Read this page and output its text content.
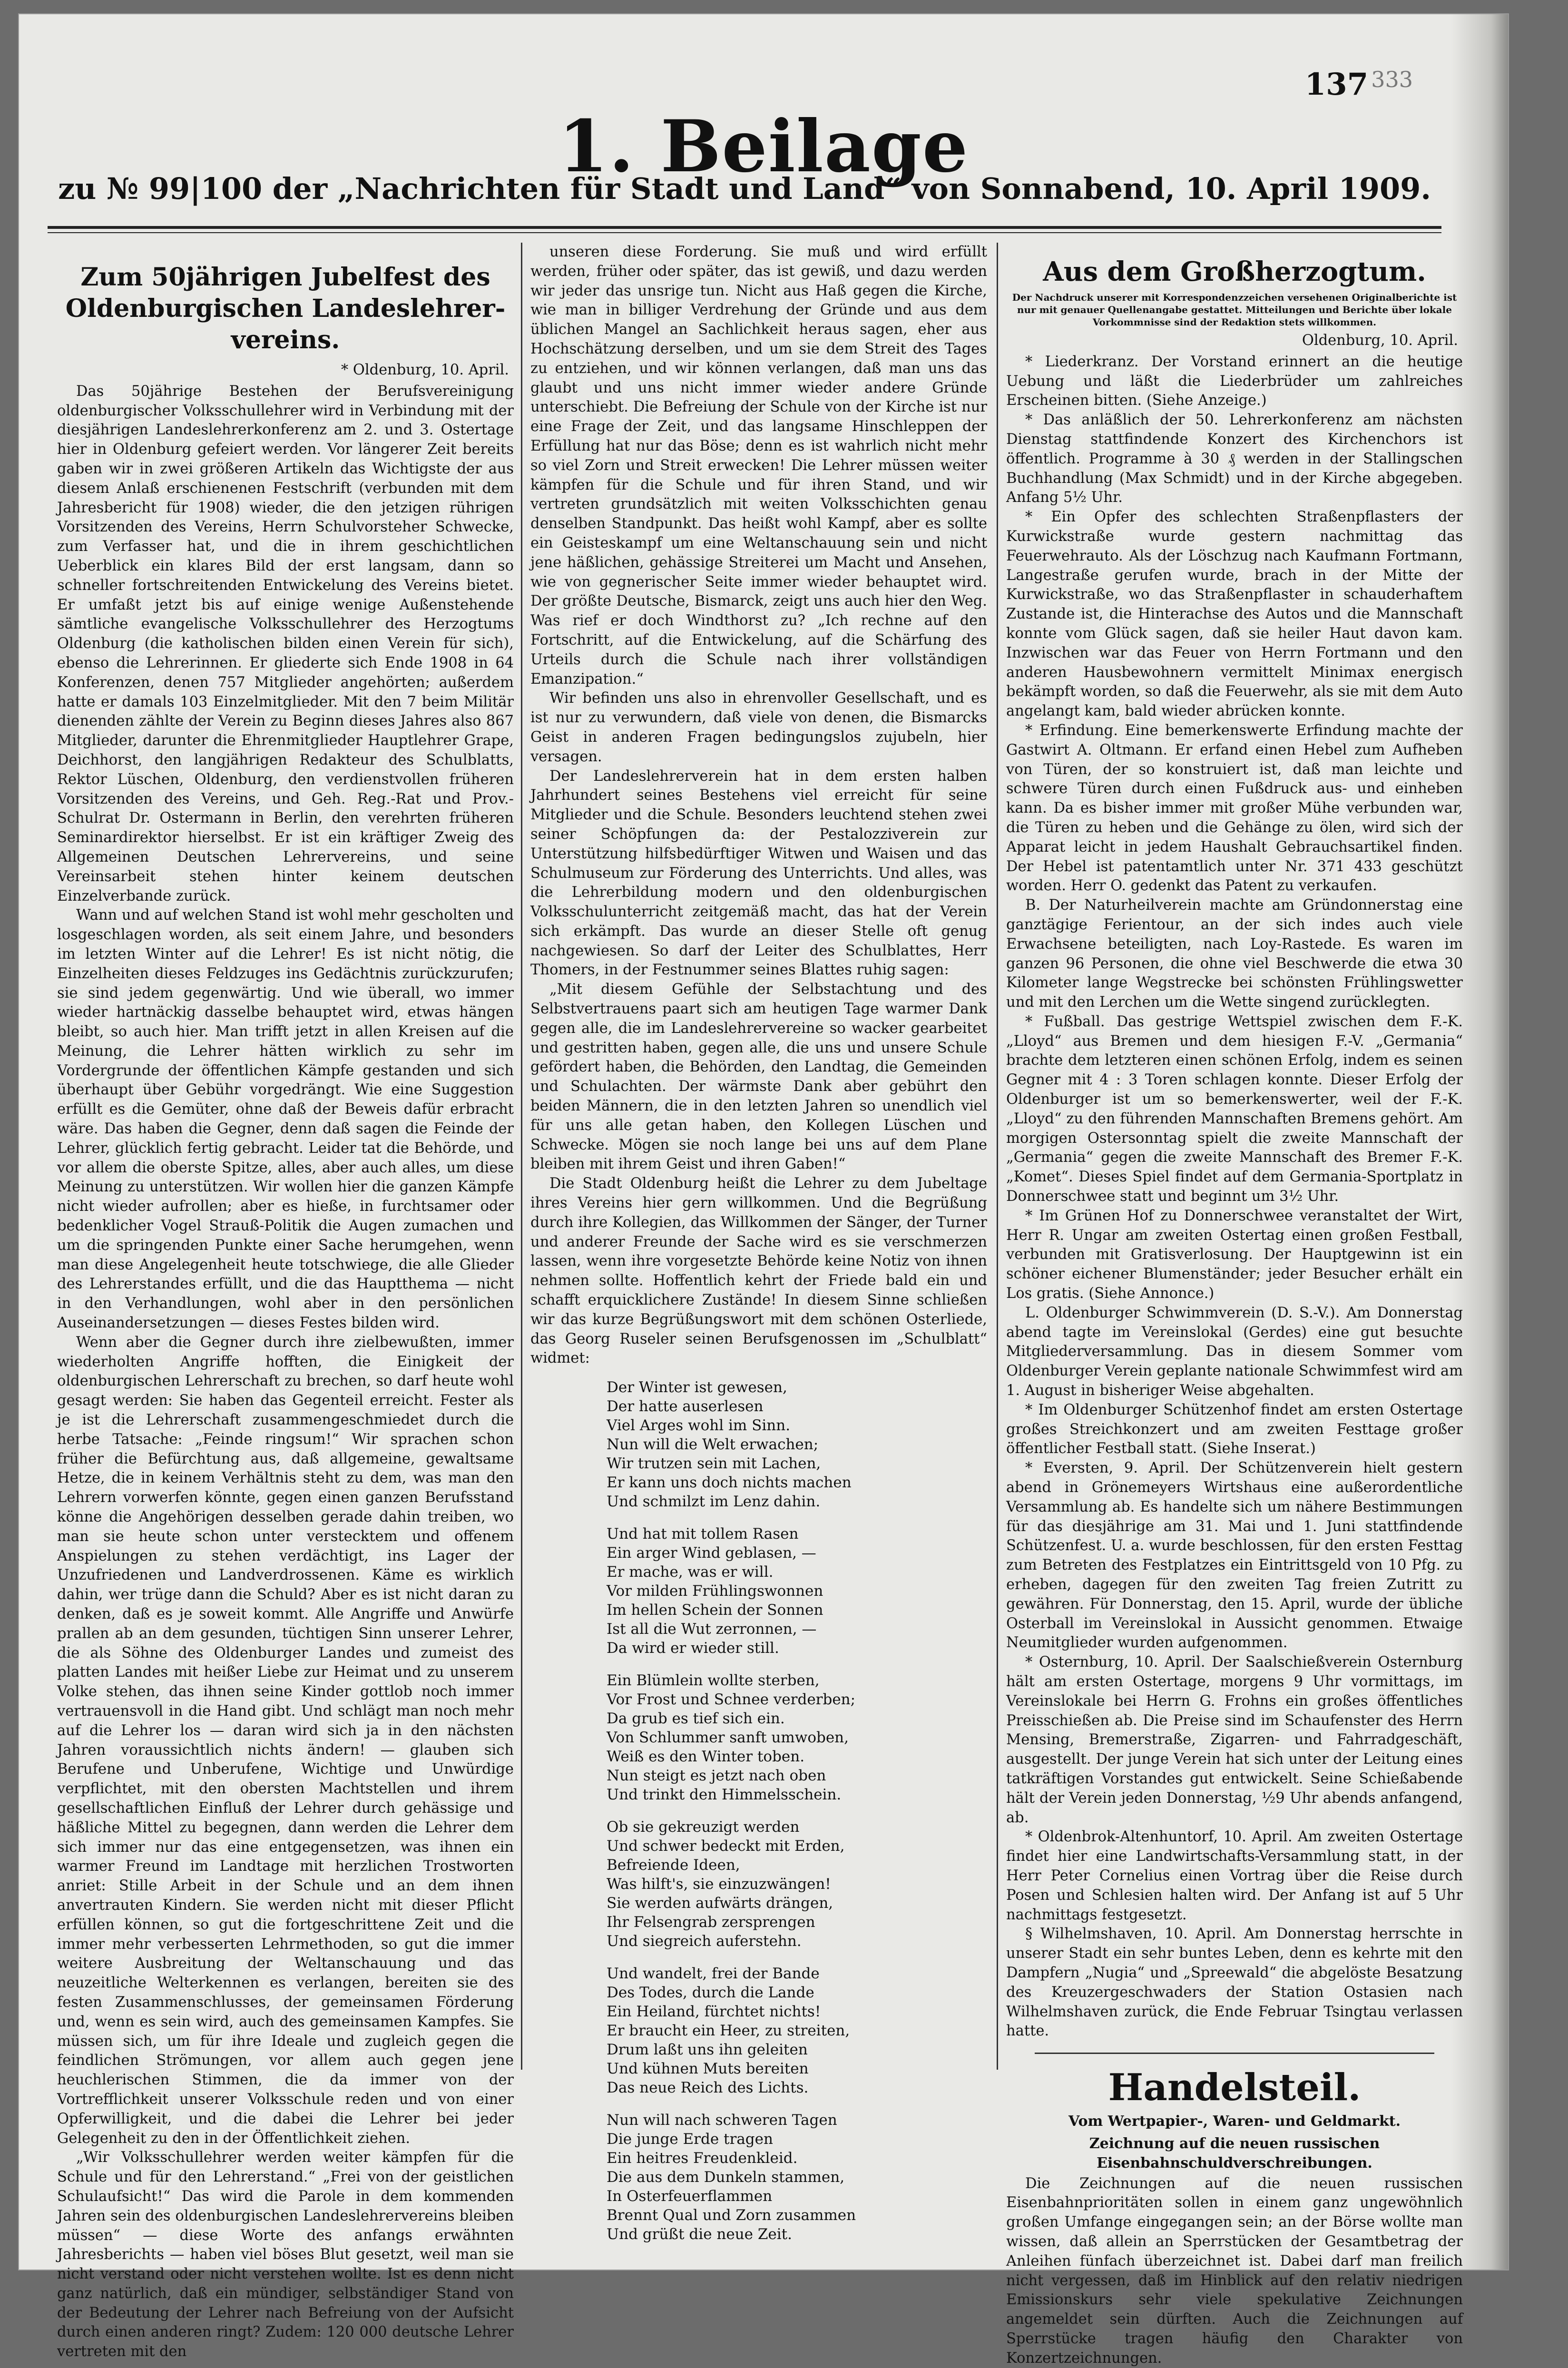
137 $^{333}$
1. Beilage
zu № 99|100 der „Nachrichten für Stadt und Land“ von Sonnabend, 10. April 1909.
Zum 50jährigen Jubelfest des Oldenburgischen Landeslehrer-vereins.
* Oldenburg, 10. April.

Das 50jährige Bestehen der Berufsvereinigung oldenburgischer Volksschullehrer wird in Verbindung mit der diesjährigen Landeslehrerkonferenz am 2. und 3. Ostertage hier in Oldenburg gefeiert werden. Vor längerer Zeit bereits gaben wir in zwei größeren Artikeln das Wichtigste der aus diesem Anlaß erschienenen Festschrift (verbunden mit dem Jahresbericht für 1908) wieder, die den jetzigen rührigen Vorsitzenden des Vereins, Herrn Schulvorsteher Schwecke, zum Verfasser hat, und die in ihrem geschichtlichen Ueberblick ein klares Bild der erst langsam, dann so schneller fortschreitenden Entwickelung des Vereins bietet. Er umfaßt jetzt bis auf einige wenige Außenstehende sämtliche evangelische Volksschullehrer des Herzogtums Oldenburg (die katholischen bilden einen Verein für sich), ebenso die Lehrerinnen. Er gliederte sich Ende 1908 in 64 Konferenzen, denen 757 Mitglieder angehörten; außerdem hatte er damals 103 Einzelmitglieder. Mit den 7 beim Militär dienenden zählte der Verein zu Beginn dieses Jahres also 867 Mitglieder, darunter die Ehrenmitglieder Hauptlehrer Grape, Deichhorst, den langjährigen Redakteur des Schulblatts, Rektor Lüschen, Oldenburg, den verdienstvollen früheren Vorsitzenden des Vereins, und Geh. Reg.-Rat und Prov.-Schulrat Dr. Ostermann in Berlin, den verehrten früheren Seminardirektor hierselbst. Er ist ein kräftiger Zweig des Allgemeinen Deutschen Lehrervereins, und seine Vereinsarbeit stehen hinter keinem deutschen Einzelverbande zurück.

Wann und auf welchen Stand ist wohl mehr gescholten und losgeschlagen worden, als seit einem Jahre, und besonders im letzten Winter auf die Lehrer! Es ist nicht nötig, die Einzelheiten dieses Feldzuges ins Gedächtnis zurückzurufen; sie sind jedem gegenwärtig. Und wie überall, wo immer wieder hartnäckig dasselbe behauptet wird, etwas hängen bleibt, so auch hier. Man trifft jetzt in allen Kreisen auf die Meinung, die Lehrer hätten wirklich zu sehr im Vordergrunde der öffentlichen Kämpfe gestanden und sich überhaupt über Gebühr vorgedrängt. Wie eine Suggestion erfüllt es die Gemüter, ohne daß der Beweis dafür erbracht wäre. Das haben die Gegner, denn daß sagen die Feinde der Lehrer, glücklich fertig gebracht. Leider tat die Behörde, und vor allem die oberste Spitze, alles, aber auch alles, um diese Meinung zu unterstützen. Wir wollen hier die ganzen Kämpfe nicht wieder aufrollen; aber es hieße, in furchtsamer oder bedenklicher Vogel Strauß-Politik die Augen zumachen und um die springenden Punkte einer Sache herumgehen, wenn man diese Angelegenheit heute totschwiege, die alle Glieder des Lehrerstandes erfüllt, und die das Hauptthema — nicht in den Verhandlungen, wohl aber in den persönlichen Auseinandersetzungen — dieses Festes bilden wird.

Wenn aber die Gegner durch ihre zielbewußten, immer wiederholten Angriffe hofften, die Einigkeit der oldenburgischen Lehrerschaft zu brechen, so darf heute wohl gesagt werden: Sie haben das Gegenteil erreicht. Fester als je ist die Lehrerschaft zusammengeschmiedet durch die herbe Tatsache: „Feinde ringsum!“ Wir sprachen schon früher die Befürchtung aus, daß allgemeine, gewaltsame Hetze, die in keinem Verhältnis steht zu dem, was man den Lehrern vorwerfen könnte, gegen einen ganzen Berufsstand könne die Angehörigen desselben gerade dahin treiben, wo man sie heute schon unter verstecktem und offenem Anspielungen zu stehen verdächtigt, ins Lager der Unzufriedenen und Landverdrossenen. Käme es wirklich dahin, wer trüge dann die Schuld? Aber es ist nicht daran zu denken, daß es je soweit kommt. Alle Angriffe und Anwürfe prallen ab an dem gesunden, tüchtigen Sinn unserer Lehrer, die als Söhne des Oldenburger Landes und zumeist des platten Landes mit heißer Liebe zur Heimat und zu unserem Volke stehen, das ihnen seine Kinder gottlob noch immer vertrauensvoll in die Hand gibt. Und schlägt man noch mehr auf die Lehrer los — daran wird sich ja in den nächsten Jahren voraussichtlich nichts ändern! — glauben sich Berufene und Unberufene, Wichtige und Unwürdige verpflichtet, mit den obersten Machtstellen und ihrem gesellschaftlichen Einfluß der Lehrer durch gehässige und häßliche Mittel zu begegnen, dann werden die Lehrer dem sich immer nur das eine entgegensetzen, was ihnen ein warmer Freund im Landtage mit herzlichen Trostworten anriet: Stille Arbeit in der Schule und an dem ihnen anvertrauten Kindern. Sie werden nicht mit dieser Pflicht erfüllen können, so gut die fortgeschrittene Zeit und die immer mehr verbesserten Lehrmethoden, so gut die immer weitere Ausbreitung der Weltanschauung und das neuzeitliche Welterkennen es verlangen, bereiten sie des festen Zusammenschlusses, der gemeinsamen Förderung und, wenn es sein wird, auch des gemeinsamen Kampfes. Sie müssen sich, um für ihre Ideale und zugleich gegen die feindlichen Strömungen, vor allem auch gegen jene heuchlerischen Stimmen, die da immer von der Vortrefflichkeit unserer Volksschule reden und von einer Opferwilligkeit, und die dabei die Lehrer bei jeder Gelegenheit zu den in der Öffentlichkeit ziehen.

„Wir Volksschullehrer werden weiter kämpfen für die Schule und für den Lehrerstand.“ „Frei von der geistlichen Schulaufsicht!“ Das wird die Parole in dem kommenden Jahren sein des oldenburgischen Landeslehrervereins bleiben müssen“ — diese Worte des anfangs erwähnten Jahresberichts — haben viel böses Blut gesetzt, weil man sie nicht verstand oder nicht verstehen wollte. Ist es denn nicht ganz natürlich, daß ein mündiger, selbständiger Stand von der Bedeutung der Lehrer nach Befreiung von der Aufsicht durch einen anderen ringt? Zudem: 120 000 deutsche Lehrer vertreten mit den

unseren diese Forderung. Sie muß und wird erfüllt werden, früher oder später, das ist gewiß, und dazu werden wir jeder das unsrige tun. Nicht aus Haß gegen die Kirche, wie man in billiger Verdrehung der Gründe und aus dem üblichen Mangel an Sachlichkeit heraus sagen, eher aus Hochschätzung derselben, und um sie dem Streit des Tages zu entziehen, und wir können verlangen, daß man uns das glaubt und uns nicht immer wieder andere Gründe unterschiebt. Die Befreiung der Schule von der Kirche ist nur eine Frage der Zeit, und das langsame Hinschleppen der Erfüllung hat nur das Böse; denn es ist wahrlich nicht mehr so viel Zorn und Streit erwecken! Die Lehrer müssen weiter kämpfen für die Schule und für ihren Stand, und wir vertreten grundsätzlich mit weiten Volksschichten genau denselben Standpunkt. Das heißt wohl Kampf, aber es sollte ein Geisteskampf um eine Weltanschauung sein und nicht jene häßlichen, gehässige Streiterei um Macht und Ansehen, wie von gegnerischer Seite immer wieder behauptet wird. Der größte Deutsche, Bismarck, zeigt uns auch hier den Weg. Was rief er doch Windthorst zu? „Ich rechne auf den Fortschritt, auf die Entwickelung, auf die Schärfung des Urteils durch die Schule nach ihrer vollständigen Emanzipation.“

Wir befinden uns also in ehrenvoller Gesellschaft, und es ist nur zu verwundern, daß viele von denen, die Bismarcks Geist in anderen Fragen bedingungslos zujubeln, hier versagen.

Der Landeslehrerverein hat in dem ersten halben Jahrhundert seines Bestehens viel erreicht für seine Mitglieder und die Schule. Besonders leuchtend stehen zwei seiner Schöpfungen da: der Pestalozziverein zur Unterstützung hilfsbedürftiger Witwen und Waisen und das Schulmuseum zur Förderung des Unterrichts. Und alles, was die Lehrerbildung modern und den oldenburgischen Volksschulunterricht zeitgemäß macht, das hat der Verein sich erkämpft. Das wurde an dieser Stelle oft genug nachgewiesen. So darf der Leiter des Schulblattes, Herr Thomers, in der Festnummer seines Blattes ruhig sagen:

„Mit diesem Gefühle der Selbstachtung und des Selbstvertrauens paart sich am heutigen Tage warmer Dank gegen alle, die im Landeslehrervereine so wacker gearbeitet und gestritten haben, gegen alle, die uns und unsere Schule gefördert haben, die Behörden, den Landtag, die Gemeinden und Schulachten. Der wärmste Dank aber gebührt den beiden Männern, die in den letzten Jahren so unendlich viel für uns alle getan haben, den Kollegen Lüschen und Schwecke. Mögen sie noch lange bei uns auf dem Plane bleiben mit ihrem Geist und ihren Gaben!“

Die Stadt Oldenburg heißt die Lehrer zu dem Jubeltage ihres Vereins hier gern willkommen. Und die Begrüßung durch ihre Kollegien, das Willkommen der Sänger, der Turner und anderer Freunde der Sache wird es sie verschmerzen lassen, wenn ihre vorgesetzte Behörde keine Notiz von ihnen nehmen sollte. Hoffentlich kehrt der Friede bald ein und schafft erquicklichere Zustände! In diesem Sinne schließen wir das kurze Begrüßungswort mit dem schönen Osterliede, das Georg Ruseler seinen Berufsgenossen im „Schulblatt“ widmet:

Der Winter ist gewesen,
Der hatte auserlesen
Viel Arges wohl im Sinn.
Nun will die Welt erwachen;
Wir trutzen sein mit Lachen,
Er kann uns doch nichts machen
Und schmilzt im Lenz dahin.
Und hat mit tollem Rasen
Ein arger Wind geblasen, —
Er mache, was er will.
Vor milden Frühlingswonnen
Im hellen Schein der Sonnen
Ist all die Wut zerronnen, —
Da wird er wieder still.
Ein Blümlein wollte sterben,
Vor Frost und Schnee verderben;
Da grub es tief sich ein.
Von Schlummer sanft umwoben,
Weiß es den Winter toben.
Nun steigt es jetzt nach oben
Und trinkt den Himmelsschein.
Ob sie gekreuzigt werden
Und schwer bedeckt mit Erden,
Befreiende Ideen,
Was hilft's, sie einzuzwängen!
Sie werden aufwärts drängen,
Ihr Felsengrab zersprengen
Und siegreich auferstehn.
Und wandelt, frei der Bande
Des Todes, durch die Lande
Ein Heiland, fürchtet nichts!
Er braucht ein Heer, zu streiten,
Drum laßt uns ihn geleiten
Und kühnen Muts bereiten
Das neue Reich des Lichts.
Nun will nach schweren Tagen
Die junge Erde tragen
Ein heitres Freudenkleid.
Die aus dem Dunkeln stammen,
In Osterfeuerflammen
Brennt Qual und Zorn zusammen
Und grüßt die neue Zeit.
Aus dem Großherzogtum.
Der Nachdruck unserer mit Korrespondenzzeichen versehenen Originalberichte ist nur mit genauer Quellenangabe gestattet. Mitteilungen und Berichte über lokale Vorkommnisse sind der Redaktion stets willkommen.
Oldenburg, 10. April.

* Liederkranz. Der Vorstand erinnert an die heutige Uebung und läßt die Liederbrüder um zahlreiches Erscheinen bitten. (Siehe Anzeige.)

* Das anläßlich der 50. Lehrerkonferenz am nächsten Dienstag stattfindende Konzert des Kirchenchors ist öffentlich. Programme à 30 ₰ werden in der Stallingschen Buchhandlung (Max Schmidt) und in der Kirche abgegeben. Anfang 5½ Uhr.

* Ein Opfer des schlechten Straßenpflasters der Kurwickstraße wurde gestern nachmittag das Feuerwehrauto. Als der Löschzug nach Kaufmann Fortmann, Langestraße gerufen wurde, brach in der Mitte der Kurwickstraße, wo das Straßenpflaster in schauderhaftem Zustande ist, die Hinterachse des Autos und die Mannschaft konnte vom Glück sagen, daß sie heiler Haut davon kam. Inzwischen war das Feuer von Herrn Fortmann und den anderen Hausbewohnern vermittelt Minimax energisch bekämpft worden, so daß die Feuerwehr, als sie mit dem Auto angelangt kam, bald wieder abrücken konnte.

* Erfindung. Eine bemerkenswerte Erfindung machte der Gastwirt A. Oltmann. Er erfand einen Hebel zum Aufheben von Türen, der so konstruiert ist, daß man leichte und schwere Türen durch einen Fußdruck aus- und einheben kann. Da es bisher immer mit großer Mühe verbunden war, die Türen zu heben und die Gehänge zu ölen, wird sich der Apparat leicht in jedem Haushalt Gebrauchsartikel finden. Der Hebel ist patentamtlich unter Nr. 371 433 geschützt worden. Herr O. gedenkt das Patent zu verkaufen.

B. Der Naturheilverein machte am Gründonnerstag eine ganztägige Ferientour, an der sich indes auch viele Erwachsene beteiligten, nach Loy-Rastede. Es waren im ganzen 96 Personen, die ohne viel Beschwerde die etwa 30 Kilometer lange Wegstrecke bei schönsten Frühlingswetter und mit den Lerchen um die Wette singend zurücklegten.

* Fußball. Das gestrige Wettspiel zwischen dem F.-K. „Lloyd“ aus Bremen und dem hiesigen F.-V. „Germania“ brachte dem letzteren einen schönen Erfolg, indem es seinen Gegner mit 4 : 3 Toren schlagen konnte. Dieser Erfolg der Oldenburger ist um so bemerkenswerter, weil der F.-K. „Lloyd“ zu den führenden Mannschaften Bremens gehört. Am morgigen Ostersonntag spielt die zweite Mannschaft der „Germania“ gegen die zweite Mannschaft des Bremer F.-K. „Komet“. Dieses Spiel findet auf dem Germania-Sportplatz in Donnerschwee statt und beginnt um 3½ Uhr.

* Im Grünen Hof zu Donnerschwee veranstaltet der Wirt, Herr R. Ungar am zweiten Ostertag einen großen Festball, verbunden mit Gratisverlosung. Der Hauptgewinn ist ein schöner eichener Blumenständer; jeder Besucher erhält ein Los gratis. (Siehe Annonce.)

L. Oldenburger Schwimmverein (D. S.-V.). Am Donnerstag abend tagte im Vereinslokal (Gerdes) eine gut besuchte Mitgliederversammlung. Das in diesem Sommer vom Oldenburger Verein geplante nationale Schwimmfest wird am 1. August in bisheriger Weise abgehalten.

* Im Oldenburger Schützenhof findet am ersten Ostertage großes Streichkonzert und am zweiten Festtage großer öffentlicher Festball statt. (Siehe Inserat.)

* Eversten, 9. April. Der Schützenverein hielt gestern abend in Grönemeyers Wirtshaus eine außerordentliche Versammlung ab. Es handelte sich um nähere Bestimmungen für das diesjährige am 31. Mai und 1. Juni stattfindende Schützenfest. U. a. wurde beschlossen, für den ersten Festtag zum Betreten des Festplatzes ein Eintrittsgeld von 10 Pfg. zu erheben, dagegen für den zweiten Tag freien Zutritt zu gewähren. Für Donnerstag, den 15. April, wurde der übliche Osterball im Vereinslokal in Aussicht genommen. Etwaige Neumitglieder wurden aufgenommen.

* Osternburg, 10. April. Der Saalschießverein Osternburg hält am ersten Ostertage, morgens 9 Uhr vormittags, im Vereinslokale bei Herrn G. Frohns ein großes öffentliches Preisschießen ab. Die Preise sind im Schaufenster des Herrn Mensing, Bremerstraße, Zigarren- und Fahrradgeschäft, ausgestellt. Der junge Verein hat sich unter der Leitung eines tatkräftigen Vorstandes gut entwickelt. Seine Schießabende hält der Verein jeden Donnerstag, ½9 Uhr abends anfangend, ab.

* Oldenbrok-Altenhuntorf, 10. April. Am zweiten Ostertage findet hier eine Landwirtschafts-Versammlung statt, in der Herr Peter Cornelius einen Vortrag über die Reise durch Posen und Schlesien halten wird. Der Anfang ist auf 5 Uhr nachmittags festgesetzt.

§ Wilhelmshaven, 10. April. Am Donnerstag herrschte in unserer Stadt ein sehr buntes Leben, denn es kehrte mit den Dampfern „Nugia“ und „Spreewald“ die abgelöste Besatzung des Kreuzergeschwaders der Station Ostasien nach Wilhelmshaven zurück, die Ende Februar Tsingtau verlassen hatte.

Handelsteil.
Vom Wertpapier-, Waren- und Geldmarkt.
Zeichnung auf die neuen russischen Eisenbahnschuldverschreibungen.

Die Zeichnungen auf die neuen russischen Eisenbahnprioritäten sollen in einem ganz ungewöhnlich großen Umfange eingegangen sein; an der Börse wollte man wissen, daß allein an Sperrstücken der Gesamtbetrag der Anleihen fünfach überzeichnet ist. Dabei darf man freilich nicht vergessen, daß im Hinblick auf den relativ niedrigen Emissionskurs sehr viele spekulative Zeichnungen angemeldet sein dürften. Auch die Zeichnungen auf Sperrstücke tragen häufig den Charakter von Konzertzeichnungen.
